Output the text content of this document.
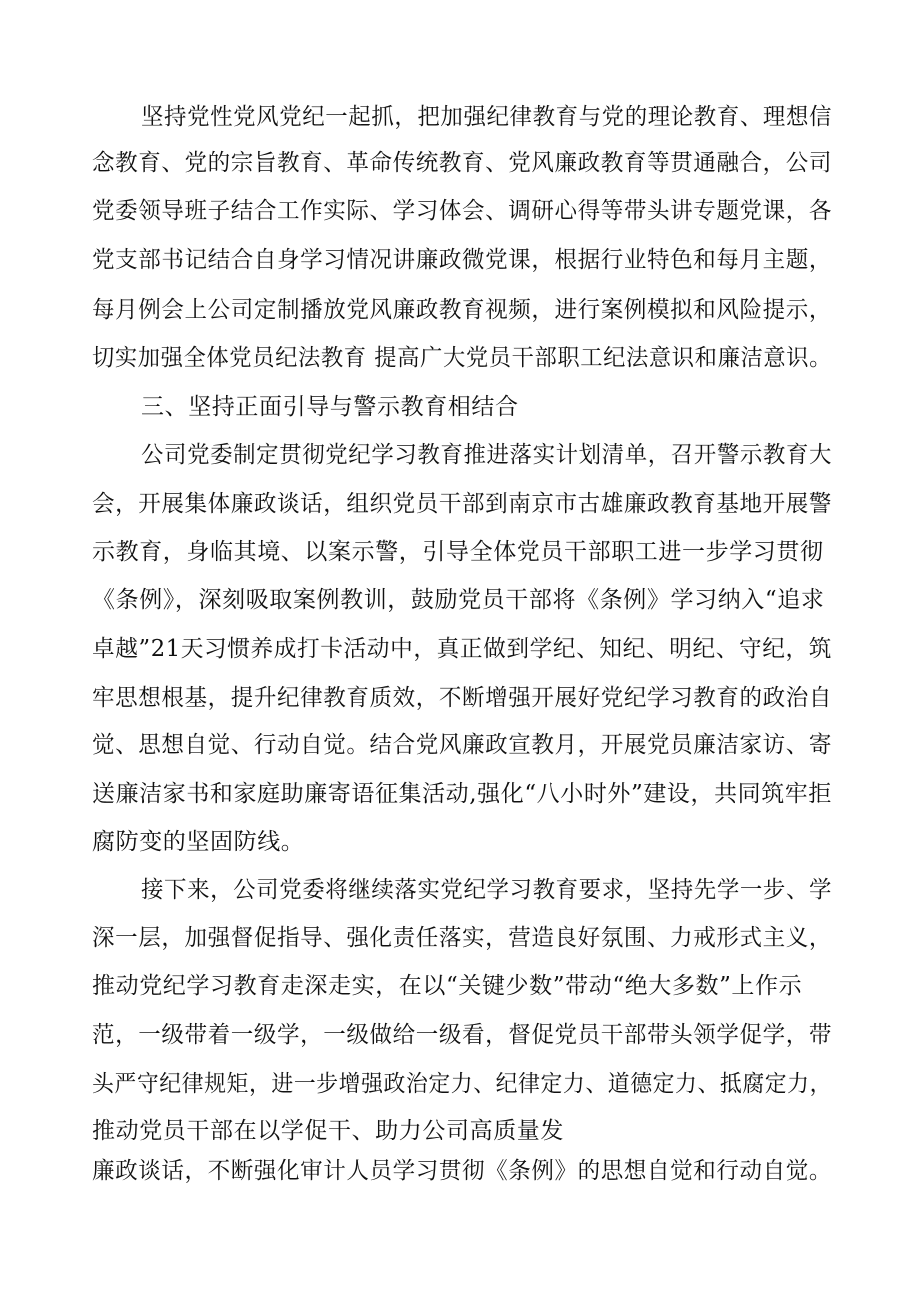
坚持党性党风党纪一起抓，把加强纪律教育与党的理论教育、理想信
念教育、党的宗旨教育、革命传统教育、党风廉政教育等贯通融合，公司
党委领导班子结合工作实际、学习体会、调研心得等带头讲专题党课，各
党支部书记结合自身学习情况讲廉政微党课，根据行业特色和每月主题，
每月例会上公司定制播放党风廉政教育视频，进行案例模拟和风险提示，
切实加强全体党员纪法教育 提高广大党员干部职工纪法意识和廉洁意识。
三、坚持正面引导与警示教育相结合
公司党委制定贯彻党纪学习教育推进落实计划清单，召开警示教育大
会，开展集体廉政谈话，组织党员干部到南京市古雄廉政教育基地开展警
示教育，身临其境、以案示警，引导全体党员干部职工进一步学习贯彻
《条例》，深刻吸取案例教训，鼓励党员干部将《条例》学习纳入“追求
卓越”21天习惯养成打卡活动中，真正做到学纪、知纪、明纪、守纪，筑
牢思想根基，提升纪律教育质效，不断增强开展好党纪学习教育的政治自
觉、思想自觉、行动自觉。结合党风廉政宣教月，开展党员廉洁家访、寄
送廉洁家书和家庭助廉寄语征集活动,强化“八小时外”建设，共同筑牢拒
腐防变的坚固防线。
接下来，公司党委将继续落实党纪学习教育要求，坚持先学一步、学
深一层，加强督促指导、强化责任落实，营造良好氛围、力戒形式主义，
推动党纪学习教育走深走实，在以“关键少数”带动“绝大多数”上作示
范，一级带着一级学，一级做给一级看，督促党员干部带头领学促学，带
头严守纪律规矩，进一步增强政治定力、纪律定力、道德定力、抵腐定力，
推动党员干部在以学促干、助力公司高质量发
廉政谈话，不断强化审计人员学习贯彻《条例》的思想自觉和行动自觉。
